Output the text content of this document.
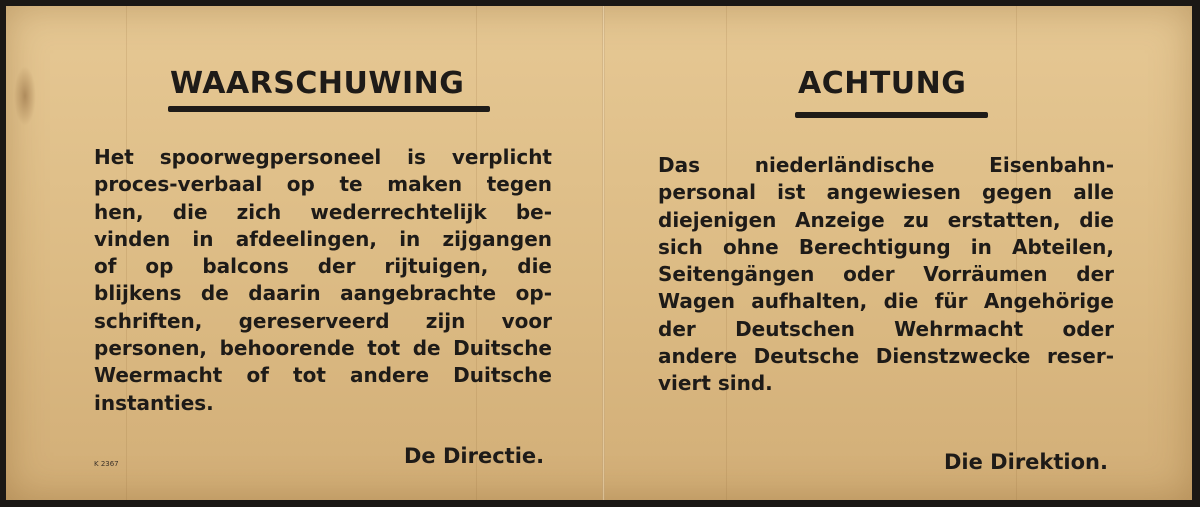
WAARSCHUWING
Het spoorwegpersoneel is verplicht
proces-verbaal op te maken tegen
hen, die zich wederrechtelijk be-
vinden in afdeelingen, in zijgangen
of op balcons der rijtuigen, die
blijkens de daarin aangebrachte op-
schriften, gereserveerd zijn voor
personen, behoorende tot de Duitsche
Weermacht of tot andere Duitsche
instanties.
K 2367	De Directie.
ACHTUNG
Das niederländische Eisenbahn-
personal ist angewiesen gegen alle
diejenigen Anzeige zu erstatten, die
sich ohne Berechtigung in Abteilen,
Seitengängen oder Vorräumen der
Wagen aufhalten, die für Angehörige
der Deutschen Wehrmacht oder
andere Deutsche Dienstzwecke reser-
viert sind.
Die Direktion.
